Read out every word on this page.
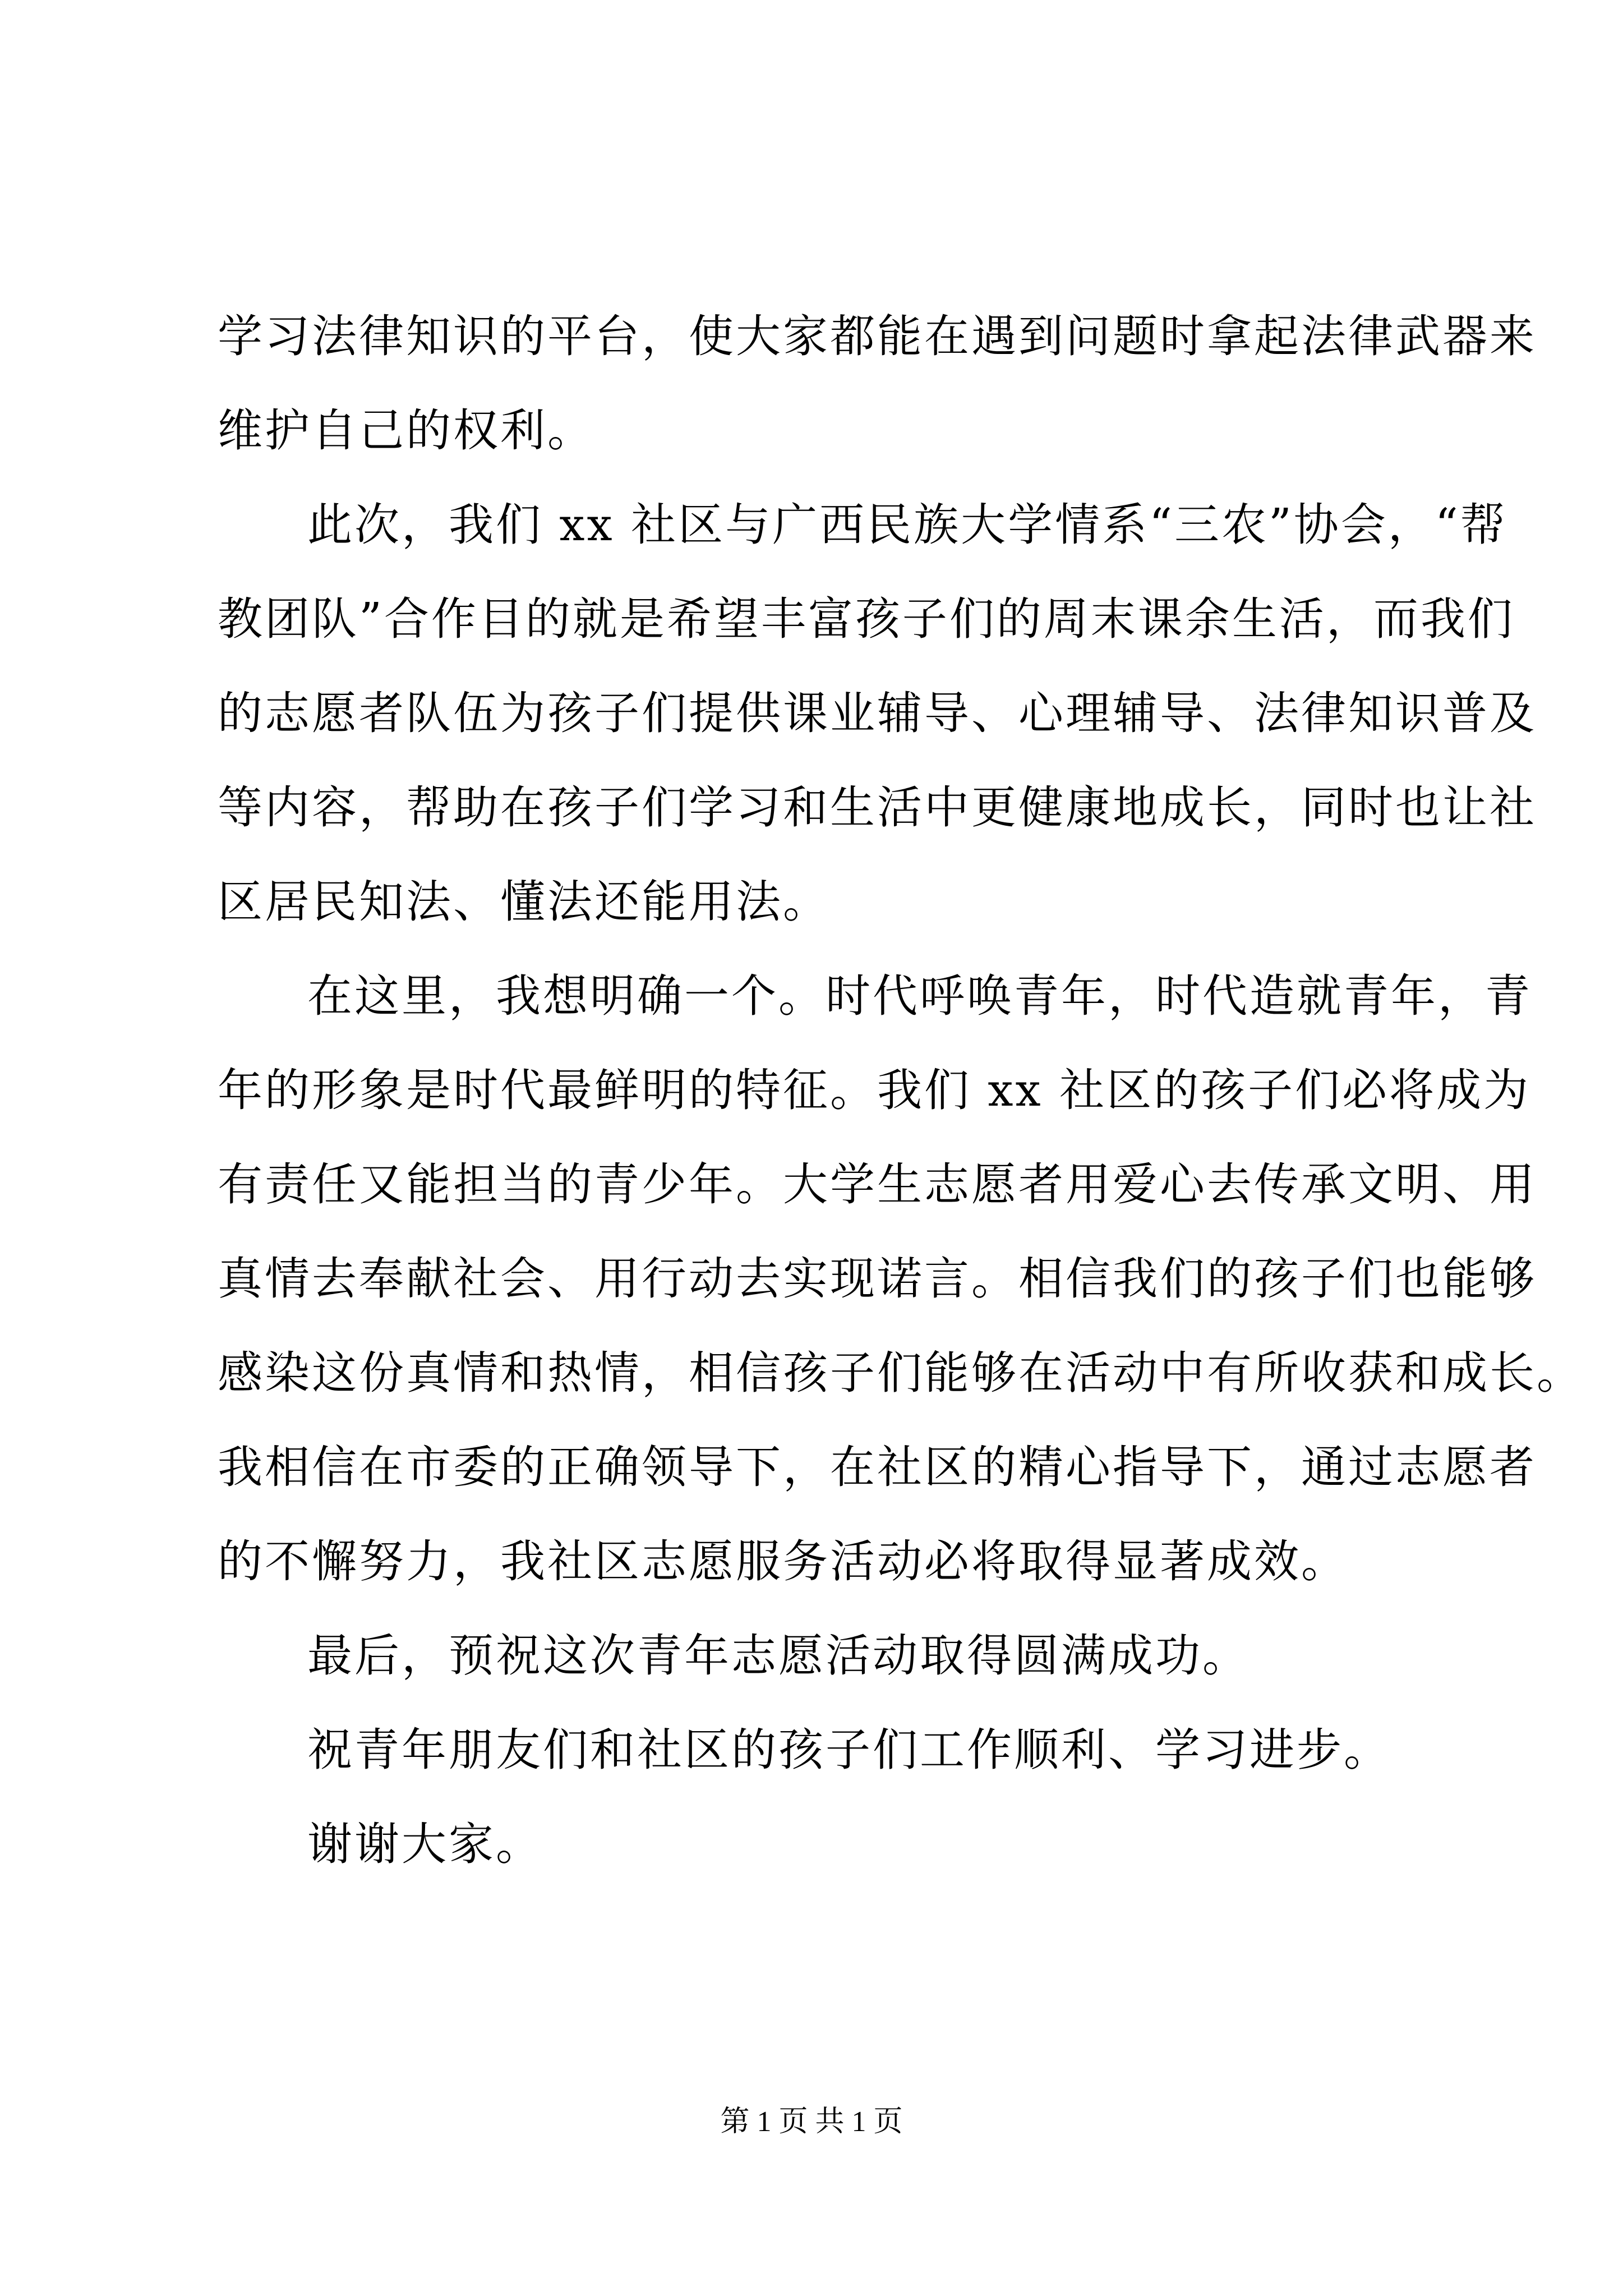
学习法律知识的平台，使大家都能在遇到问题时拿起法律武器来
维护自己的权利。
此次，我们 xx 社区与广西民族大学情系“三农”协会，“帮
教团队”合作目的就是希望丰富孩子们的周末课余生活，而我们
的志愿者队伍为孩子们提供课业辅导、心理辅导、法律知识普及
等内容，帮助在孩子们学习和生活中更健康地成长，同时也让社
区居民知法、懂法还能用法。
在这里，我想明确一个。时代呼唤青年，时代造就青年，青
年的形象是时代最鲜明的特征。我们 xx 社区的孩子们必将成为
有责任又能担当的青少年。大学生志愿者用爱心去传承文明、用
真情去奉献社会、用行动去实现诺言。相信我们的孩子们也能够
感染这份真情和热情，相信孩子们能够在活动中有所收获和成长。
我相信在市委的正确领导下，在社区的精心指导下，通过志愿者
的不懈努力，我社区志愿服务活动必将取得显著成效。
最后，预祝这次青年志愿活动取得圆满成功。
祝青年朋友们和社区的孩子们工作顺利、学习进步。
谢谢大家。
第 1 页 共 1 页
